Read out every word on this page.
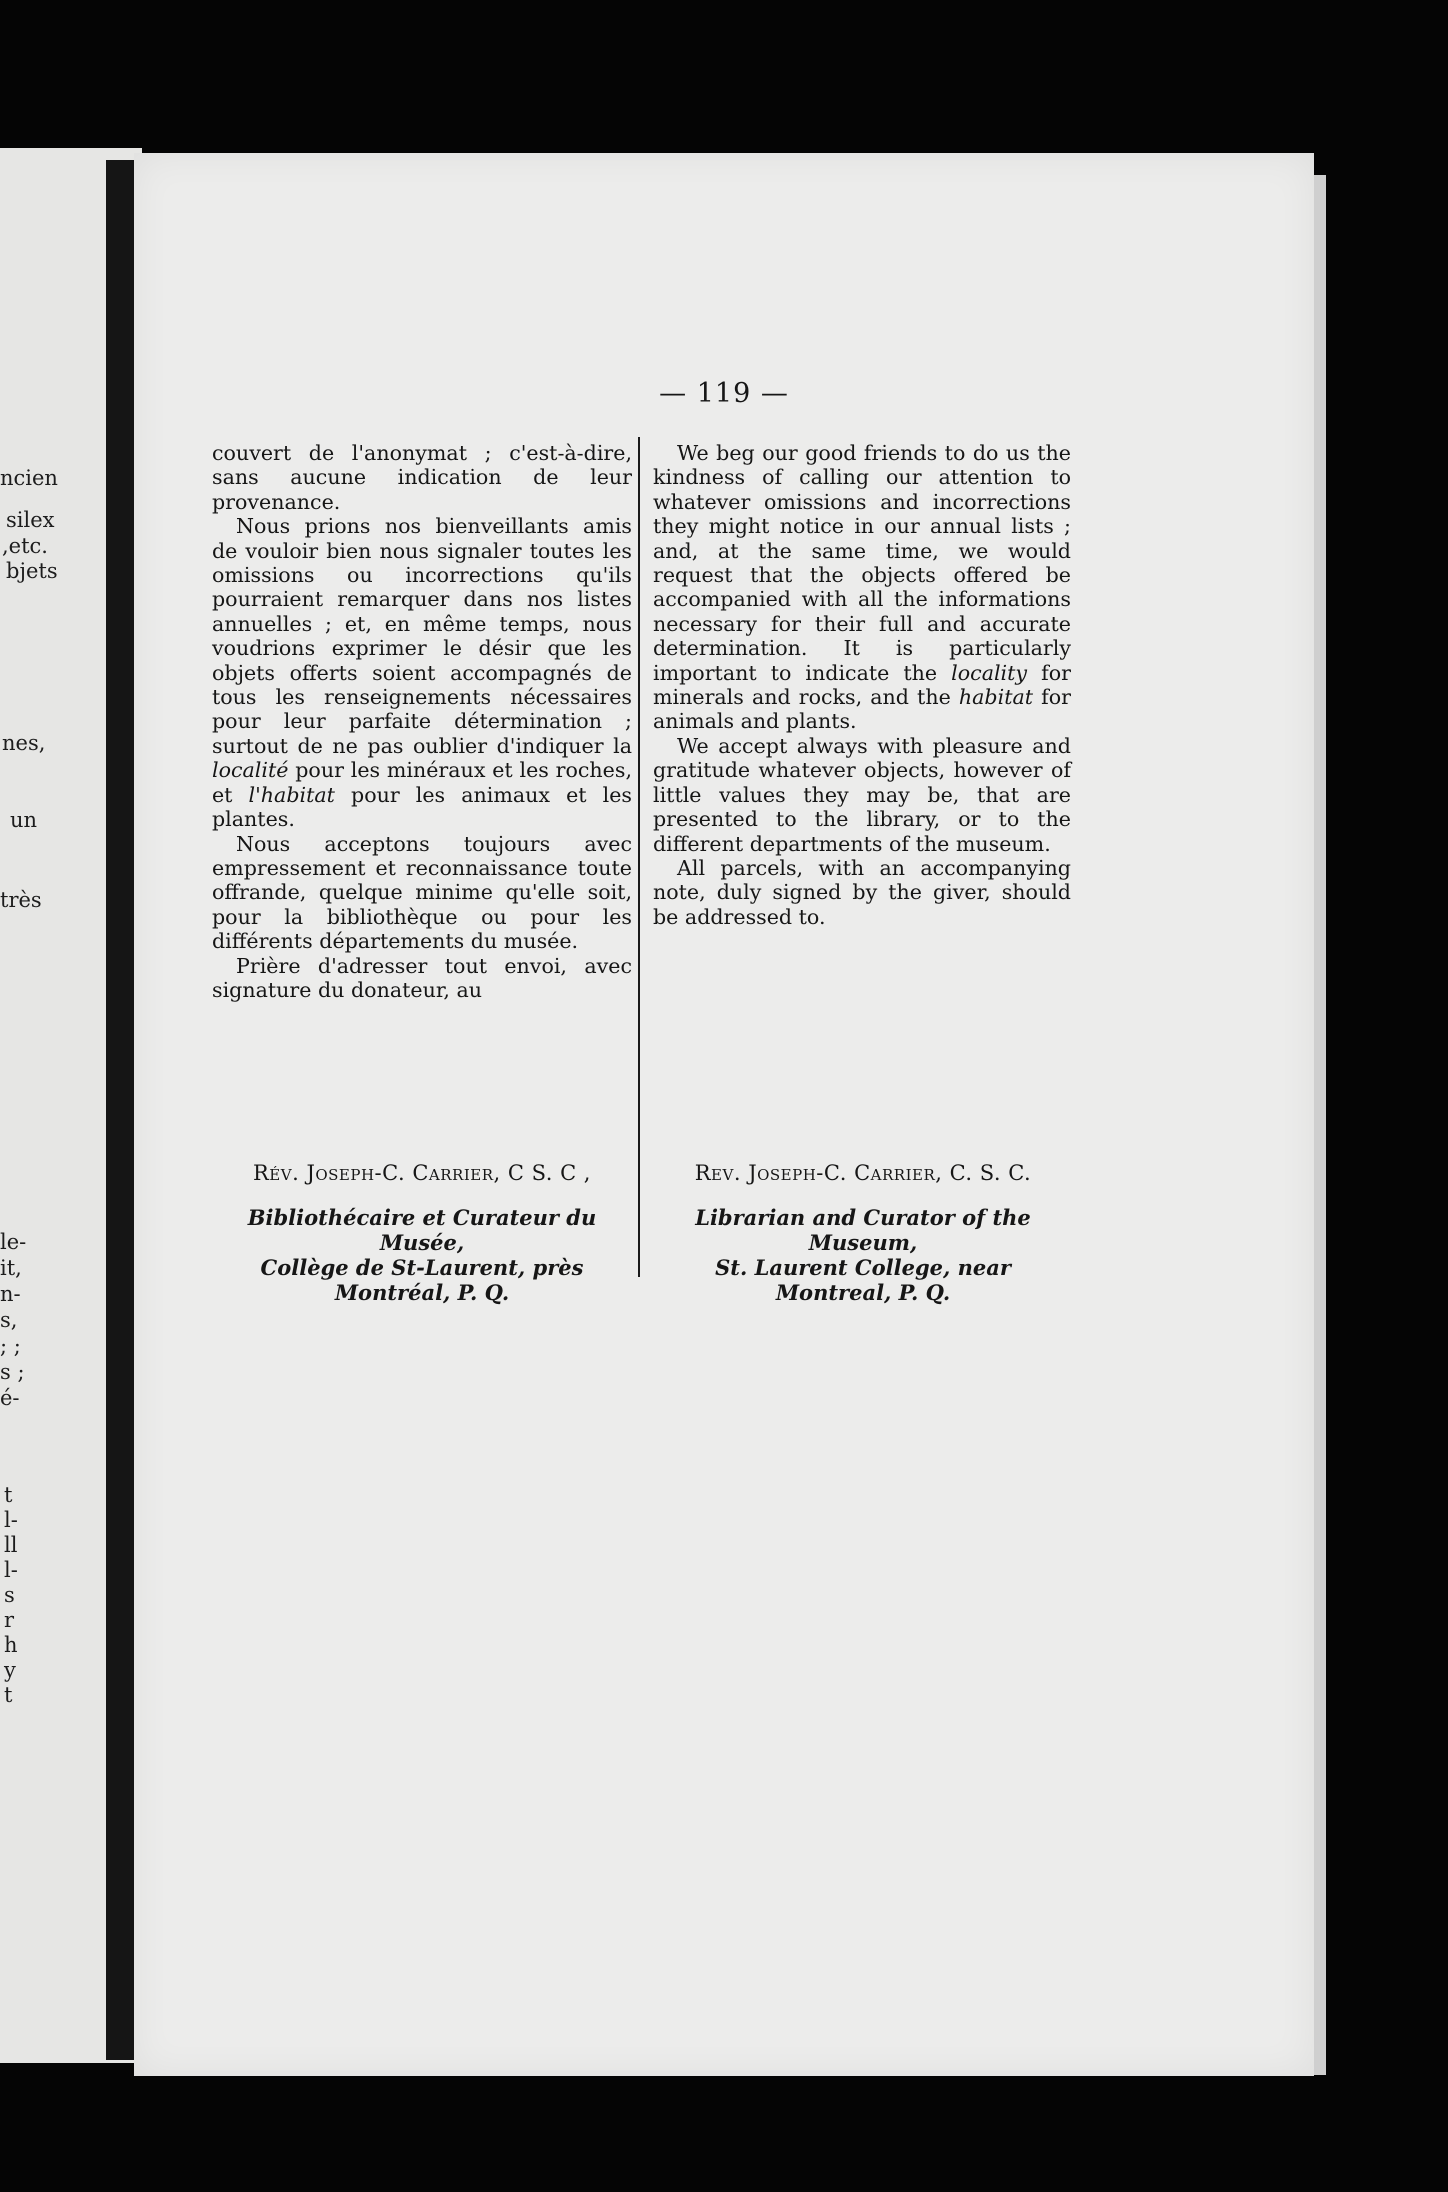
ncien
silex
,etc.
bjets
nes,
un
très
le-
it,
n-
s,
; ;
s ;
é-
t
l-
ll
l-
s
r
h
y
t
— 119 —

couvert de l'anonymat ; c'est-à-dire, sans aucune indication de leur provenance.

Nous prions nos bienveillants amis de vouloir bien nous signaler toutes les omissions ou incorrections qu'ils pourraient remarquer dans nos listes annuelles ; et, en même temps, nous voudrions exprimer le désir que les objets offerts soient accompagnés de tous les renseignements nécessaires pour leur parfaite détermination ; surtout de ne pas oublier d'indiquer la localité pour les minéraux et les roches, et l'habitat pour les animaux et les plantes.

Nous acceptons toujours avec empressement et reconnaissance toute offrande, quelque minime qu'elle soit, pour la bibliothèque ou pour les différents départements du musée.

Prière d'adresser tout envoi, avec signature du donateur, au

We beg our good friends to do us the kindness of calling our attention to whatever omissions and incorrections they might notice in our annual lists ; and, at the same time, we would request that the objects offered be accompanied with all the informations necessary for their full and accurate determination. It is particularly important to indicate the locality for minerals and rocks, and the habitat for animals and plants.

We accept always with pleasure and gratitude whatever objects, however of little values they may be, that are presented to the library, or to the different departments of the museum.

All parcels, with an accompanying note, duly signed by the giver, should be addressed to.

Rév. Joseph-C. Carrier, C S. C ,	Rev. Joseph-C. Carrier, C. S. C.
Bibliothécaire et Curateur du Musée,
Collège de St-Laurent, près
Montréal, P. Q.
Librarian and Curator of the Museum,
St. Laurent College, near
Montreal, P. Q.
